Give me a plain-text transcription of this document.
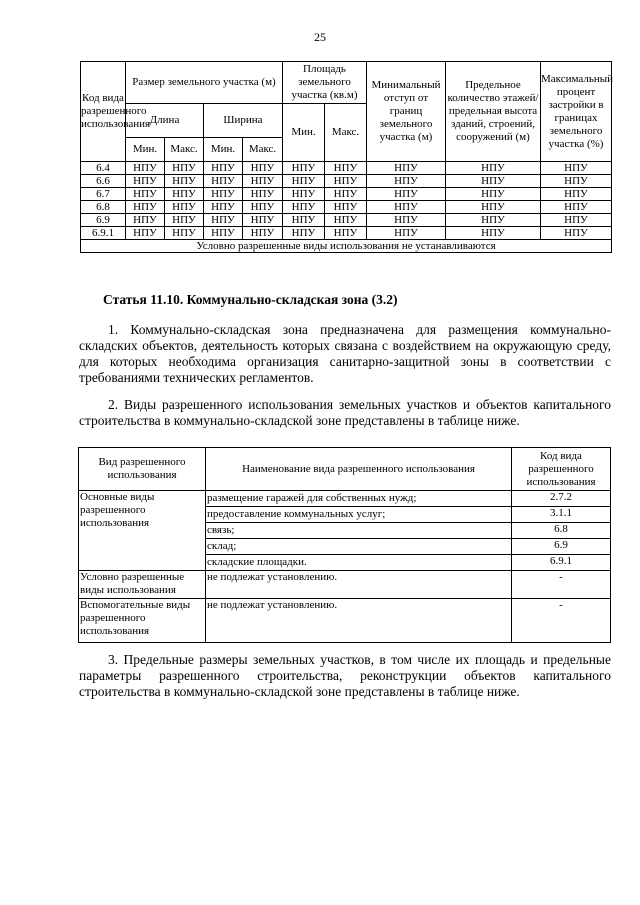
25
Код вида разрешенного использования	Размер земельного участка (м)				Площадь земельного участка (кв.м)		Минимальный отступ от границ земельного участка (м)	Предельное количество этажей/ предельная высота зданий, строений, сооружений (м)	Максимальный процент застройки в границах земельного участка (%)
	Длина		Ширина		Мин.	Макс.			
	Мин.	Макс.	Мин.	Макс.					
6.4	НПУ	НПУ	НПУ	НПУ	НПУ	НПУ	НПУ	НПУ	НПУ
6.6	НПУ	НПУ	НПУ	НПУ	НПУ	НПУ	НПУ	НПУ	НПУ
6.7	НПУ	НПУ	НПУ	НПУ	НПУ	НПУ	НПУ	НПУ	НПУ
6.8	НПУ	НПУ	НПУ	НПУ	НПУ	НПУ	НПУ	НПУ	НПУ
6.9	НПУ	НПУ	НПУ	НПУ	НПУ	НПУ	НПУ	НПУ	НПУ
6.9.1	НПУ	НПУ	НПУ	НПУ	НПУ	НПУ	НПУ	НПУ	НПУ
Условно разрешенные виды использования не устанавливаются									
Статья 11.10. Коммунально-складская зона (3.2)

1. Коммунально-складская зона предназначена для размещения коммунально-складских объектов, деятельность которых связана с воздействием на окружающую среду, для которых необходима организация санитарно-защитной зоны в соответствии с требованиями технических регламентов.

2. Виды разрешенного использования земельных участков и объектов капитального строительства в коммунально-складской зоне представлены в таблице ниже.

Вид разрешенного использования	Наименование вида разрешенного использования	Код вида разрешенного использования
Основные виды разрешенного использования	размещение гаражей для собственных нужд;	2.7.2
	предоставление коммунальных услуг;	3.1.1
	связь;	6.8
	склад;	6.9
	складские площадки.	6.9.1
Условно разрешенные виды использования	не подлежат установлению.	-
Вспомогательные виды разрешенного использования	не подлежат установлению.	-

3. Предельные размеры земельных участков, в том числе их площадь и предельные параметры разрешенного строительства, реконструкции объектов капитального строительства в коммунально-складской зоне представлены в таблице ниже.
